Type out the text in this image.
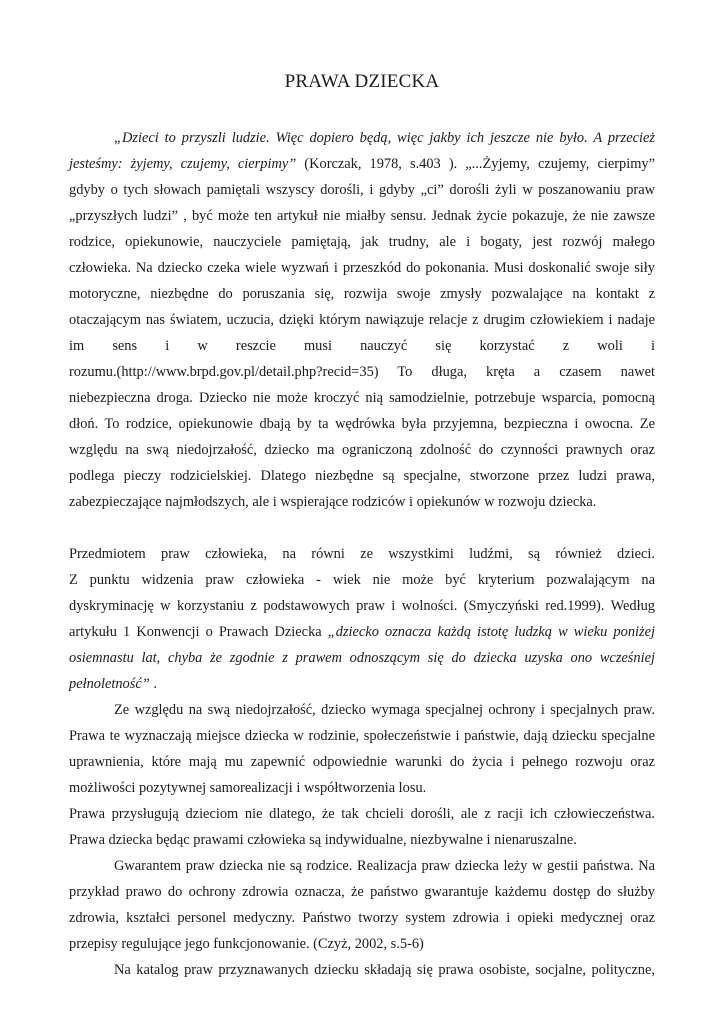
PRAWA DZIECKA
„Dzieci to przyszli ludzie. Więc dopiero będą, więc jakby ich jeszcze nie było. A przecież
jesteśmy: żyjemy, czujemy, cierpimy” (Korczak, 1978, s.403 ). „...Żyjemy, czujemy, cierpimy”
gdyby o tych słowach pamiętali wszyscy dorośli, i gdyby „ci” dorośli żyli w poszanowaniu praw
„przyszłych ludzi” , być może ten artykuł nie miałby sensu. Jednak życie pokazuje, że nie zawsze
rodzice, opiekunowie, nauczyciele pamiętają, jak trudny, ale i bogaty, jest rozwój małego
człowieka. Na dziecko czeka wiele wyzwań i przeszkód do pokonania. Musi doskonalić swoje siły
motoryczne, niezbędne do poruszania się, rozwija swoje zmysły pozwalające na kontakt z
otaczającym nas światem, uczucia, dzięki którym nawiązuje relacje z drugim człowiekiem i nadaje
im sens i w reszcie musi nauczyć się korzystać z woli i
rozumu.(http://www.brpd.gov.pl/detail.php?recid=35) To długa, kręta a czasem nawet
niebezpieczna droga. Dziecko nie może kroczyć nią samodzielnie, potrzebuje wsparcia, pomocną
dłoń. To rodzice, opiekunowie dbają by ta wędrówka była przyjemna, bezpieczna i owocna. Ze
względu na swą niedojrzałość, dziecko ma ograniczoną zdolność do czynności prawnych oraz
podlega pieczy rodzicielskiej. Dlatego niezbędne są specjalne, stworzone przez ludzi prawa,
zabezpieczające najmłodszych, ale i wspierające rodziców i opiekunów w rozwoju dziecka.
Przedmiotem praw człowieka, na równi ze wszystkimi ludźmi, są również dzieci.
Z punktu widzenia praw człowieka - wiek nie może być kryterium pozwalającym na
dyskryminację w korzystaniu z podstawowych praw i wolności. (Smyczyński red.1999). Według
artykułu 1 Konwencji o Prawach Dziecka „dziecko oznacza każdą istotę ludzką w wieku poniżej
osiemnastu lat, chyba że zgodnie z prawem odnoszącym się do dziecka uzyska ono wcześniej
pełnoletność” .
Ze względu na swą niedojrzałość, dziecko wymaga specjalnej ochrony i specjalnych praw.
Prawa te wyznaczają miejsce dziecka w rodzinie, społeczeństwie i państwie, dają dziecku specjalne
uprawnienia, które mają mu zapewnić odpowiednie warunki do życia i pełnego rozwoju oraz
możliwości pozytywnej samorealizacji i współtworzenia losu.
Prawa przysługują dzieciom nie dlatego, że tak chcieli dorośli, ale z racji ich człowieczeństwa.
Prawa dziecka będąc prawami człowieka są indywidualne, niezbywalne i nienaruszalne.
Gwarantem praw dziecka nie są rodzice. Realizacja praw dziecka leży w gestii państwa. Na
przykład prawo do ochrony zdrowia oznacza, że państwo gwarantuje każdemu dostęp do służby
zdrowia, kształci personel medyczny. Państwo tworzy system zdrowia i opieki medycznej oraz
przepisy regulujące jego funkcjonowanie. (Czyż, 2002, s.5-6)
Na katalog praw przyznawanych dziecku składają się prawa osobiste, socjalne, polityczne,
